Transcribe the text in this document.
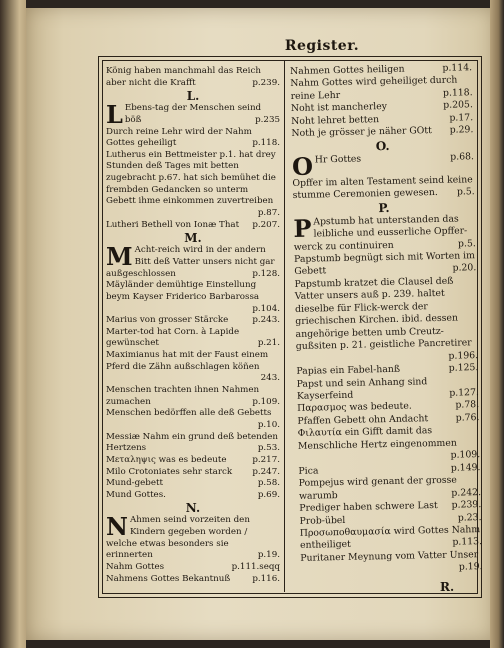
Register.
König haben manchmahl das Reich aber nicht die Krafft	p.239.
L.
L Ebens-tag der Menschen seind böß	p.235
Durch reine Lehr wird der Nahm Gottes geheiligt	p.118.
Lutherus ein Bettmeister p.1. hat drey Stunden deß Tages mit betten zugebracht p.67. hat sich bemühet die frembden Gedancken so unterm Gebett ihme einkommen zuvertreiben
p.87.
Lutheri Bethell von Ionæ That p.207.
M.
M Acht-reich wird in der andern Bitt deß Vatter unsers nicht gar außgeschlossen	p.128.
Mäyländer demühtige Einstellung beym Kayser Friderico Barbarossa
p.104.
Marius von grosser Stärcke	p.243.
Marter-tod hat Corn. à Lapide gewünschet	p.21.
Maximianus hat mit der Faust einem Pferd die Zähn außschlagen köñen
243.
Menschen trachten ihnen Nahmen zumachen	p.109.
Menschen bedörffen alle deß Gebetts
p.10.
Messiæ Nahm ein grund deß betenden Hertzens	p.53.
Μεταληψις was es bedeute	p.217.
Milo Crotoniates sehr starck p.247.
Mund-gebett	p.58.
Mund Gottes.	p.69.
N.
N Ahmen seind vorzeiten den Kindern gegeben worden / welche etwas besonders sie erinnerten	p.19.
Nahm Gottes	p.111.seqq
Nahmens Gottes Bekantnuß	p.116.
Nahmen Gottes heiligen	p.114.
Nahm Gottes wird geheiliget durch reine Lehr	p.118.
Noht ist mancherley	p.205.
Noht lehret betten	p.17.
Noth je grösser je näher GOtt p.29.
O.
O Hr Gottes	p.68.
Opffer im alten Testament seind keine stumme Ceremonien gewesen. p.5.
P.
P Apstumb hat unterstanden das leibliche und eusserliche Opffer-werck zu continuiren	p.5.
Papstumb begnügt sich mit Worten im Gebett	p.20.
Papstumb kratzet die Clausel deß Vatter unsers auß p. 239. haltet dieselbe für Flick-werck der griechischen Kirchen. ibid. dessen angehörige betten umb Creutz-gußsiten p. 21. geistliche Pancretirer
p.196.
Papias ein Fabel-hanß	p.125.
Papst und sein Anhang sind Kayserfeind	p.127.
Παρασμος was bedeute.	p.78.
Pfaffen Gebett ohn Andacht	p.76.
Φιλαυτία ein Gifft damit das Menschliche Hertz eingenommen
p.109.
Pica	p.149.
Pompejus wird genant der grosse warumb	p.242.
Prediger haben schwere Last p.239.
Prob-übel	p.23.
Προσωποθαυμασία wird Gottes Nahm entheiliget	p.113.
Puritaner Meynung vom Vatter Unser
p.19.
R.
